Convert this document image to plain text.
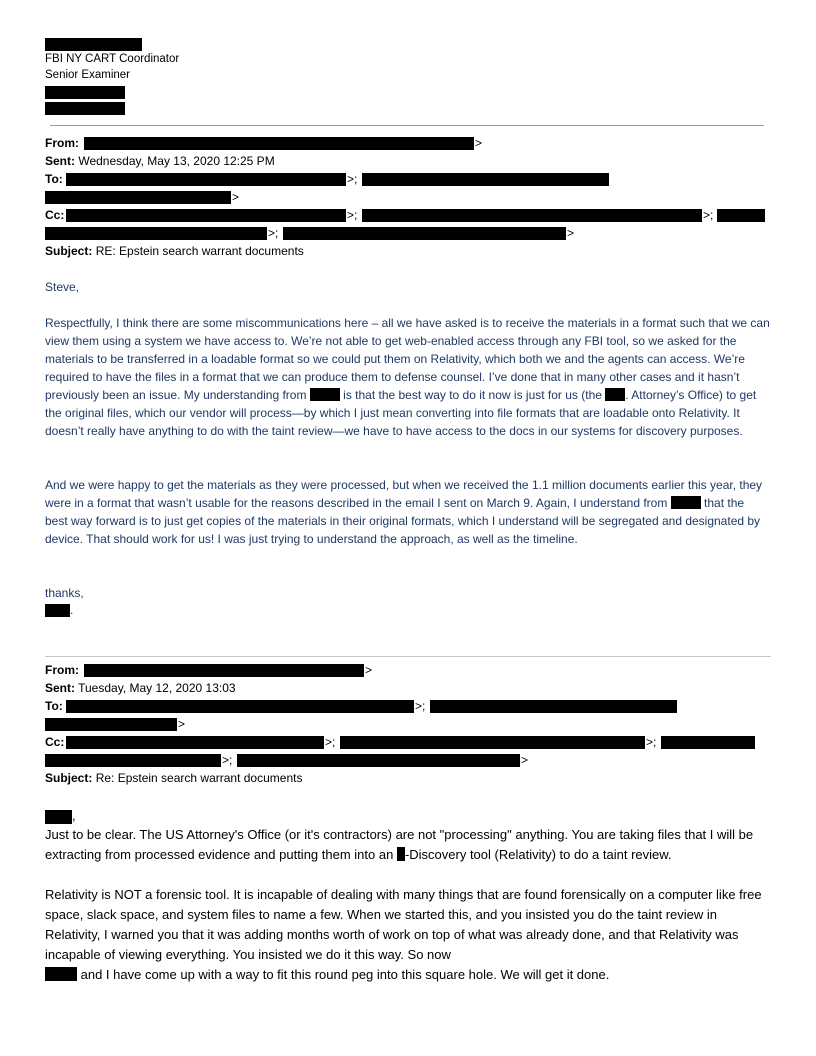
FBI NY CART Coordinator
Senior Examiner
From:	>
Sent: Wednesday, May 13, 2020 12:25 PM
To:	>;
>
Cc:	>;	>;
>;	>
Subject: RE: Epstein search warrant documents
Steve,
Respectfully, I think there are some miscommunications here – all we have asked is to receive the materials in a format such that we can view them using a system we have access to. We’re not able to get web-enabled access through any FBI tool, so we asked for the materials to be transferred in a loadable format so we could put them on Relativity, which both we and the agents can access. We’re required to have the files in a format that we can produce them to defense counsel. I’ve done that in many other cases and it hasn’t previously been an issue. My understanding from	is that the best way to do it now is just for us (the . Attorney’s Office) to get the original files, which our vendor will process—by which I just mean converting into file formats that are loadable onto Relativity. It doesn’t really have anything to do with the taint review—we have to have access to the docs in our systems for discovery purposes.
And we were happy to get the materials as they were processed, but when we received the 1.1 million documents earlier this year, they were in a format that wasn’t usable for the reasons described in the email I sent on March 9. Again, I understand from	that the best way forward is to just get copies of the materials in their original formats, which I understand will be segregated and designated by device. That should work for us! I was just trying to understand the approach, as well as the timeline.
thanks,
.
From:	>
Sent: Tuesday, May 12, 2020 13:03
To:	>;
>
Cc:	>;	>;
>;	>
Subject: Re: Epstein search warrant documents
,
Just to be clear. The US Attorney's Office (or it's contractors) are not "processing" anything. You are taking files that I will be extracting from processed evidence and putting them into an -Discovery tool (Relativity) to do a taint review.
Relativity is NOT a forensic tool. It is incapable of dealing with many things that are found forensically on a computer like free space, slack space, and system files to name a few. When we started this, and you insisted you do the taint review in Relativity, I warned you that it was adding months worth of work on top of what was already done, and that Relativity was incapable of viewing everything. You insisted we do it this way. So now
and I have come up with a way to fit this round peg into this square hole. We will get it done.
